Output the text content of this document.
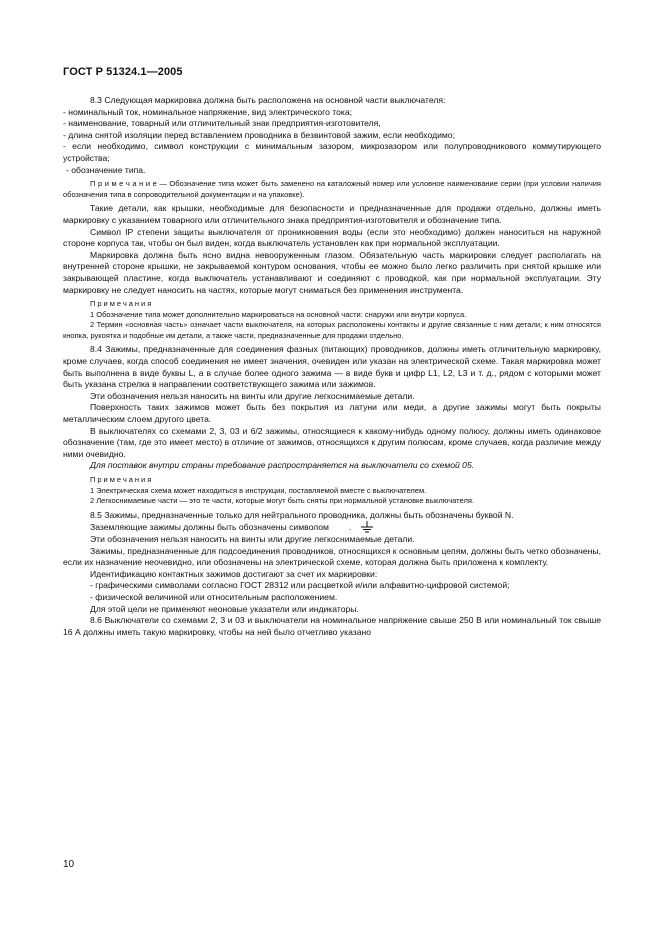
ГОСТ Р 51324.1—2005

8.3 Следующая маркировка должна быть расположена на основной части выключателя:

- номинальный ток, номинальное напряжение, вид электрического тока;

- наименование, товарный или отличительный знак предприятия-изготовителя,

- длина снятой изоляции перед вставлением проводника в безвинтовой зажим, если необходимо;

- если необходимо, символ конструкции с минимальным зазором, микрозазором или полупроводникового коммутирующего устройства;

- обозначение типа.

П р и м е ч а н и е — Обозначение типа может быть заменено на каталожный номер или условное наименование серии (при условии наличия обозначения типа в сопроводительной документации и на упаковке).

Такие детали, как крышки, необходимые для безопасности и предназначенные для продажи отдельно, должны иметь маркировку с указанием товарного или отличительного знака предприятия-изготовителя и обозначение типа.

Символ IP степени защиты выключателя от проникновения воды (если это необходимо) должен наноситься на наружной стороне корпуса так, чтобы он был виден, когда выключатель установлен как при нормальной эксплуатации.

Маркировка должна быть ясно видна невооруженным глазом. Обязательную часть маркировки следует располагать на внутренней стороне крышки, не закрываемой контуром основания, чтобы ее можно было легко различить при снятой крышке или закрывающей пластине, когда выключатель устанавливают и соединяют с проводкой, как при нормальной эксплуатации. Эту маркировку не следует наносить на частях, которые могут сниматься без применения инструмента.

Примечания

1 Обозначение типа может дополнительно маркироваться на основной части: снаружи или внутри корпуса.

2 Термин «основная часть» означает части выключателя, на которых расположены контакты и другие связанные с ним детали; к ним относятся кнопка, рукоятка и подобные им детали, а также части, предназначенные для продажи отдельно.

8.4 Зажимы, предназначенные для соединения фазных (питающих) проводников, должны иметь отличительную маркировку, кроме случаев, когда способ соединения не имеет значения, очевиден или указан на электрической схеме. Такая маркировка может быть выполнена в виде буквы L, а в случае более одного зажима — в виде букв и цифр L1, L2, L3 и т. д., рядом с которыми может быть указана стрелка в направлении соответствующего зажима или зажимов.

Эти обозначения нельзя наносить на винты или другие легкоснимаемые детали.

Поверхность таких зажимов может быть без покрытия из латуни или меди, а другие зажимы могут быть покрыты металлическим слоем другого цвета.

В выключателях со схемами 2, 3, 03 и 6/2 зажимы, относящиеся к какому-нибудь одному полюсу, должны иметь одинаковое обозначение (там, где это имеет место) в отличие от зажимов, относящихся к другим полюсам, кроме случаев, когда различие между ними очевидно.

Для поставок внутри страны требование распространяется на выключатели со схемой 05.

Примечания

1 Электрическая схема может находиться в инструкции, поставляемой вместе с выключателем.

2 Легкоснимаемые части — это те части, которые могут быть сняты при нормальной установке выключателя.

8.5 Зажимы, предназначенные только для нейтрального проводника, должны быть обозначены буквой N.

Заземляющие зажимы должны быть обозначены символом .

Эти обозначения нельзя наносить на винты или другие легкоснимаемые детали.

Зажимы, предназначенные для подсоединения проводников, относящихся к основным цепям, должны быть четко обозначены, если их назначение неочевидно, или обозначены на электрической схеме, которая должна быть приложена к комплекту.

Идентификацию контактных зажимов достигают за счет их маркировки:

- графическими символами согласно ГОСТ 28312 или расцветкой и/или алфавитно-цифровой системой;

- физической величиной или относительным расположением.

Для этой цели не применяют неоновые указатели или индикаторы.

8.6 Выключатели со схемами 2, 3 и 03 и выключатели на номинальное напряжение свыше 250 В или номинальный ток свыше 16 А должны иметь такую маркировку, чтобы на ней было отчетливо указано

10
